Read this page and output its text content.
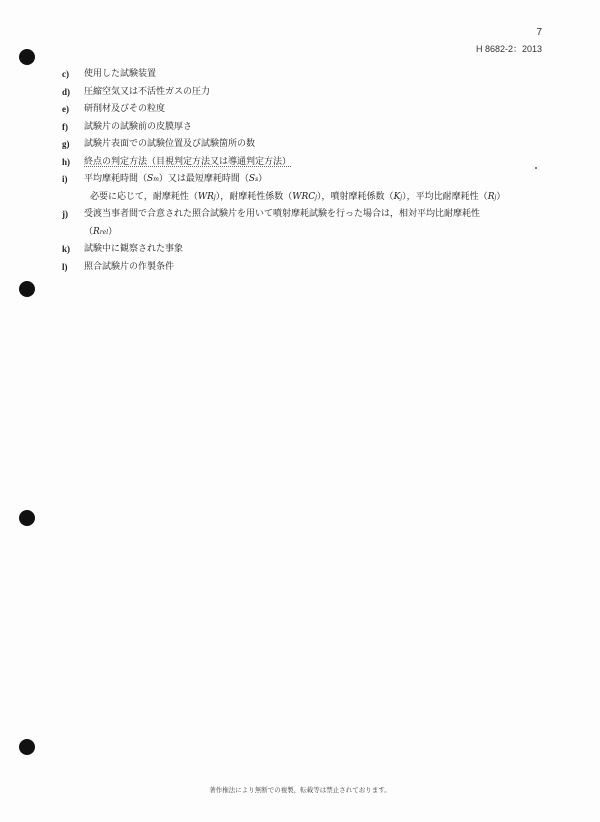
7
H 8682-2：2013
c)	使用した試験装置
d)	圧縮空気又は不活性ガスの圧力
e)	研削材及びその粒度
f)	試験片の試験前の皮膜厚さ
g)	試験片表面での試験位置及び試験箇所の数
h)	終点の判定方法（目視判定方法又は導通判定方法）
i)	平均摩耗時間（Sm）又は最短摩耗時間（Ss）
必要に応じて，耐摩耗性（WRj），耐摩耗性係数（WRCj），噴射摩耗係数（Kj），平均比耐摩耗性（Rj）
j)	受渡当事者間で合意された照合試験片を用いて噴射摩耗試験を行った場合は，相対平均比耐摩耗性
（Rrel）
k)	試験中に観察された事象
l)	照合試験片の作製条件
著作権法により無断での複製，転載等は禁止されております。
